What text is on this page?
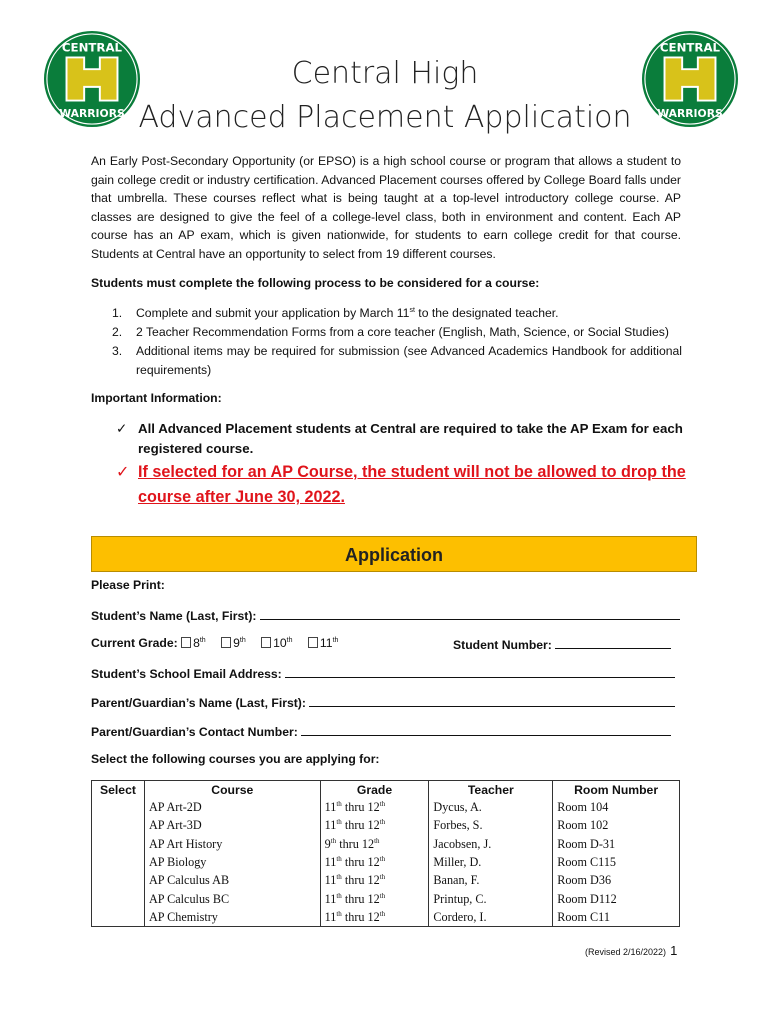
CENTRAL
WARRIORS
CENTRAL
WARRIORS
Central High
Advanced Placement Application
An Early Post-Secondary Opportunity (or EPSO) is a high school course or program that allows a student to gain college credit or industry certification. Advanced Placement courses offered by College Board falls under that umbrella. These courses reflect what is being taught at a top-level introductory college course. AP classes are designed to give the feel of a college-level class, both in environment and content. Each AP course has an AP exam, which is given nationwide, for students to earn college credit for that course. Students at Central have an opportunity to select from 19 different courses.
Students must complete the following process to be considered for a course:
1.	Complete and submit your application by March 11st to the designated teacher.
2.	2 Teacher Recommendation Forms from a core teacher (English, Math, Science, or Social Studies)
3.	Additional items may be required for submission (see Advanced Academics Handbook for additional requirements)
Important Information:
✓ All Advanced Placement students at Central are required to take the AP Exam for each registered course.
✓ If selected for an AP Course, the student will not be allowed to drop the course after June 30, 2022.
Application
Please Print:
Student’s Name (Last, First):
Current Grade: 8th 9th 10th 11th	Student Number:
Student’s School Email Address:
Parent/Guardian’s Name (Last, First):
Parent/Guardian’s Contact Number:
Select the following courses you are applying for:
Select	Course	Grade	Teacher	Room Number
	AP Art-2D	11th thru 12th	Dycus, A.	Room 104
	AP Art-3D	11th thru 12th	Forbes, S.	Room 102
	AP Art History	9th thru 12th	Jacobsen, J.	Room D-31
	AP Biology	11th thru 12th	Miller, D.	Room C115
	AP Calculus AB	11th thru 12th	Banan, F.	Room D36
	AP Calculus BC	11th thru 12th	Printup, C.	Room D112
	AP Chemistry	11th thru 12th	Cordero, I.	Room C11
(Revised 2/16/2022) 1
